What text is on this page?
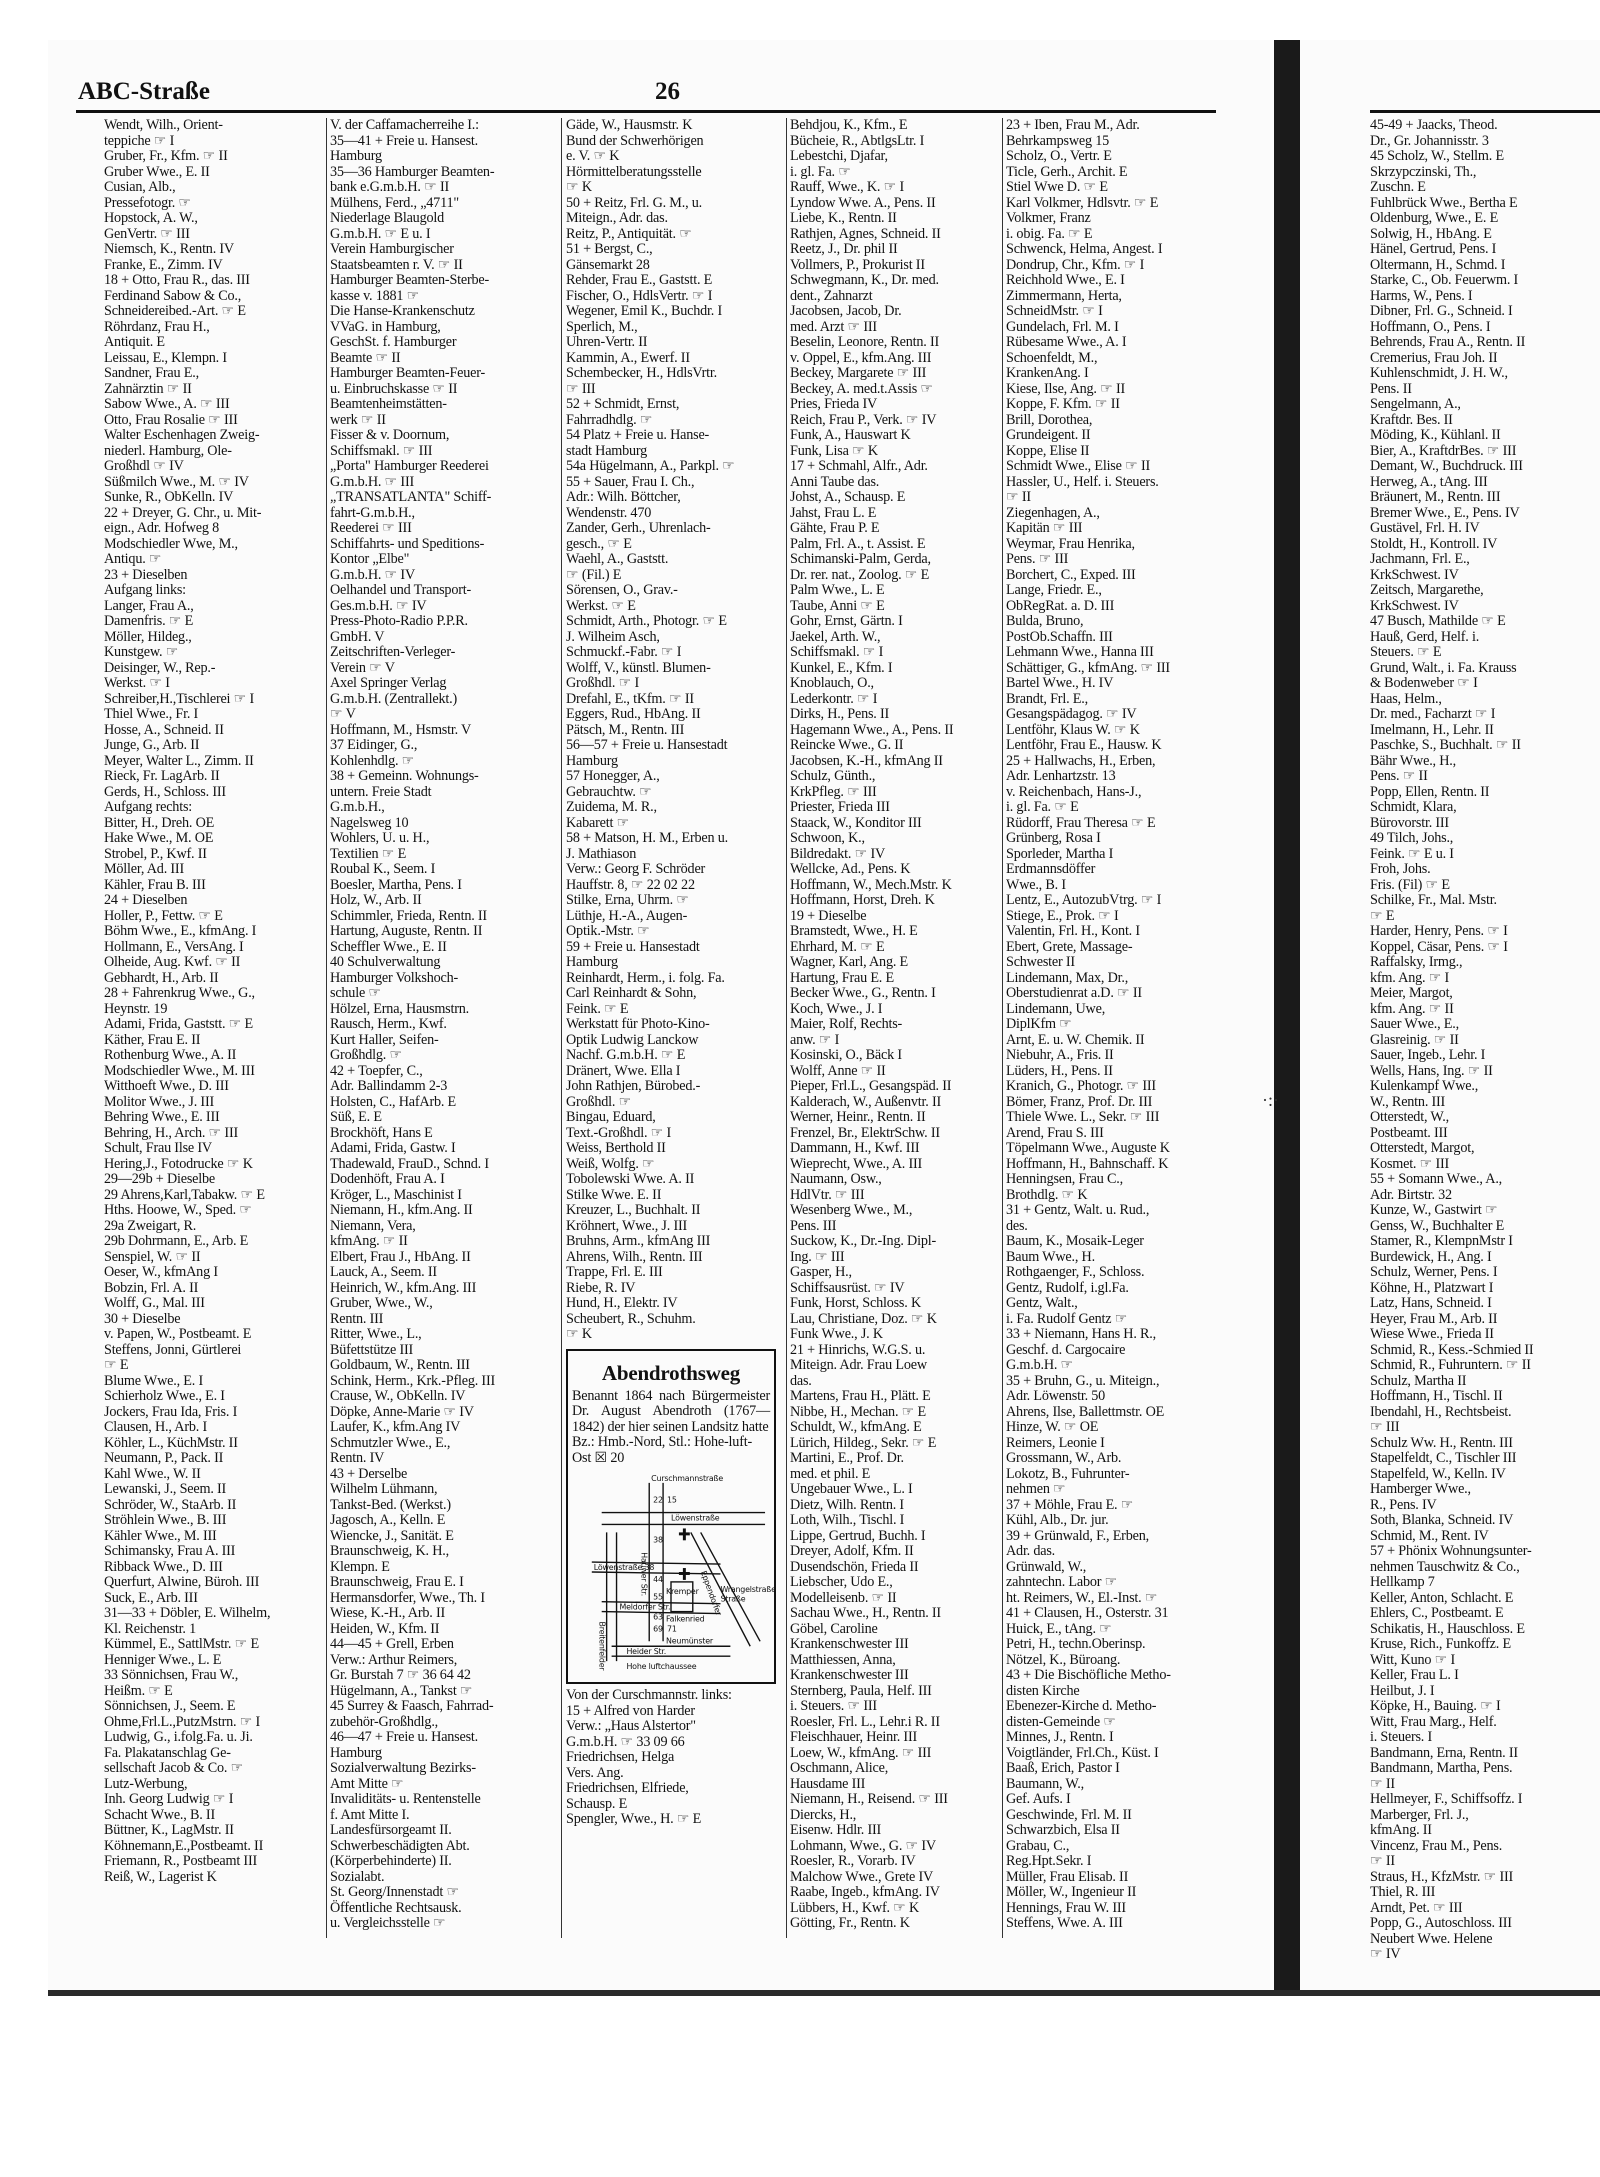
ABC-Straße	26
Wendt, Wilh., Orient-
teppiche ☞ I
Gruber, Fr., Kfm. ☞ II
Gruber Wwe., E. II
Cusian, Alb.,
Pressefotogr. ☞
Hopstock, A. W.,
GenVertr. ☞ III
Niemsch, K., Rentn. IV
Franke, E., Zimm. IV
18 + Otto, Frau R., das. III
Ferdinand Sabow & Co.,
Schneidereibed.-Art. ☞ E
Röhrdanz, Frau H.,
Antiquit. E
Leissau, E., Klempn. I
Sandner, Frau E.,
Zahnärztin ☞ II
Sabow Wwe., A. ☞ III
Otto, Frau Rosalie ☞ III
Walter Eschenhagen Zweig-
niederl. Hamburg, Ole-
Großhdl ☞ IV
Süßmilch Wwe., M. ☞ IV
Sunke, R., ObKelln. IV
22 + Dreyer, G. Chr., u. Mit-
eign., Adr. Hofweg 8
Modschiedler Wwe, M.,
Antiqu. ☞
23 + Dieselben
Aufgang links:
Langer, Frau A.,
Damenfris. ☞ E
Möller, Hildeg.,
Kunstgew. ☞
Deisinger, W., Rep.-
Werkst. ☞ I
Schreiber,H.,Tischlerei ☞ I
Thiel Wwe., Fr. I
Hosse, A., Schneid. II
Junge, G., Arb. II
Meyer, Walter L., Zimm. II
Rieck, Fr. LagArb. II
Gerds, H., Schloss. III
Aufgang rechts:
Bitter, H., Dreh. OE
Hake Wwe., M. OE
Strobel, P., Kwf. II
Möller, Ad. III
Kähler, Frau B. III
24 + Dieselben
Holler, P., Fettw. ☞ E
Böhm Wwe., E., kfmAng. I
Hollmann, E., VersAng. I
Olheide, Aug. Kwf. ☞ II
Gebhardt, H., Arb. II
28 + Fahrenkrug Wwe., G.,
Heynstr. 19
Adami, Frida, Gaststt. ☞ E
Käther, Frau E. II
Rothenburg Wwe., A. II
Modschiedler Wwe., M. III
Witthoeft Wwe., D. III
Molitor Wwe., J. III
Behring Wwe., E. III
Behring, H., Arch. ☞ III
Schult, Frau Ilse IV
Hering,J., Fotodrucke ☞ K
29—29b + Dieselbe
29 Ahrens,Karl,Tabakw. ☞ E
Hths. Hoowe, W., Sped. ☞
29a Zweigart, R.
29b Dohrmann, E., Arb. E
Senspiel, W. ☞ II
Oeser, W., kfmAng I
Bobzin, Frl. A. II
Wolff, G., Mal. III
30 + Dieselbe
v. Papen, W., Postbeamt. E
Steffens, Jonni, Gürtlerei
☞ E
Blume Wwe., E. I
Schierholz Wwe., E. I
Jockers, Frau Ida, Fris. I
Clausen, H., Arb. I
Köhler, L., KüchMstr. II
Neumann, P., Pack. II
Kahl Wwe., W. II
Lewanski, J., Seem. II
Schröder, W., StaArb. II
Ströhlein Wwe., B. III
Kähler Wwe., M. III
Schimansky, Frau A. III
Ribback Wwe., D. III
Querfurt, Alwine, Büroh. III
Suck, E., Arb. III
31—33 + Döbler, E. Wilhelm,
Kl. Reichenstr. 1
Kümmel, E., SattlMstr. ☞ E
Henniger Wwe., L. E
33 Sönnichsen, Frau W.,
Heißm. ☞ E
Sönnichsen, J., Seem. E
Ohme,Frl.L.,PutzMstrn. ☞ I
Ludwig, G., i.folg.Fa. u. Ji.
Fa. Plakatanschlag Ge-
sellschaft Jacob & Co. ☞
Lutz-Werbung,
Inh. Georg Ludwig ☞ I
Schacht Wwe., B. II
Büttner, K., LagMstr. II
Köhnemann,E.,Postbeamt. II
Friemann, R., Postbeamt III
Reiß, W., Lagerist K
V. der Caffamacherreihe I.:
35—41 + Freie u. Hansest.
Hamburg
35—36 Hamburger Beamten-
bank e.G.m.b.H. ☞ II
Mülhens, Ferd., „4711"
Niederlage Blaugold
G.m.b.H. ☞ E u. I
Verein Hamburgischer
Staatsbeamten r. V. ☞ II
Hamburger Beamten-Sterbe-
kasse v. 1881 ☞
Die Hanse-Krankenschutz
VVaG. in Hamburg,
GeschSt. f. Hamburger
Beamte ☞ II
Hamburger Beamten-Feuer-
u. Einbruchskasse ☞ II
Beamtenheimstätten-
werk ☞ II
Fisser & v. Doornum,
Schiffsmakl. ☞ III
„Porta" Hamburger Reederei
G.m.b.H. ☞ III
„TRANSATLANTA" Schiff-
fahrt-G.m.b.H.,
Reederei ☞ III
Schiffahrts- und Speditions-
Kontor „Elbe"
G.m.b.H. ☞ IV
Oelhandel und Transport-
Ges.m.b.H. ☞ IV
Press-Photo-Radio P.P.R.
GmbH. V
Zeitschriften-Verleger-
Verein ☞ V
Axel Springer Verlag
G.m.b.H. (Zentrallekt.)
☞ V
Hoffmann, M., Hsmstr. V
37 Eidinger, G.,
Kohlenhdlg. ☞
38 + Gemeinn. Wohnungs-
untern. Freie Stadt
G.m.b.H.,
Nagelsweg 10
Wohlers, U. u. H.,
Textilien ☞ E
Roubal K., Seem. I
Boesler, Martha, Pens. I
Holz, W., Arb. II
Schimmler, Frieda, Rentn. II
Hartung, Auguste, Rentn. II
Scheffler Wwe., E. II
40 Schulverwaltung
Hamburger Volkshoch-
schule ☞
Hölzel, Erna, Hausmstrn.
Rausch, Herm., Kwf.
Kurt Haller, Seifen-
Großhdlg. ☞
42 + Toepfer, C.,
Adr. Ballindamm 2-3
Holsten, C., HafArb. E
Süß, E. E
Brockhöft, Hans E
Adami, Frida, Gastw. I
Thadewald, FrauD., Schnd. I
Dodenhöft, Frau A. I
Kröger, L., Maschinist I
Niemann, H., kfm.Ang. II
Niemann, Vera,
kfmAng. ☞ II
Elbert, Frau J., HbAng. II
Lauck, A., Seem. II
Heinrich, W., kfm.Ang. III
Gruber, Wwe., W.,
Rentn. III
Ritter, Wwe., L.,
Büfettstütze III
Goldbaum, W., Rentn. III
Schink, Herm., Krk.-Pfleg. III
Crause, W., ObKelln. IV
Döpke, Anne-Marie ☞ IV
Laufer, K., kfm.Ang IV
Schmutzler Wwe., E.,
Rentn. IV
43 + Derselbe
Wilhelm Lühmann,
Tankst-Bed. (Werkst.)
Jagosch, A., Kelln. E
Wiencke, J., Sanität. E
Braunschweig, K. H.,
Klempn. E
Braunschweig, Frau E. I
Hermansdorfer, Wwe., Th. I
Wiese, K.-H., Arb. II
Heiden, W., Kfm. II
44—45 + Grell, Erben
Verw.: Arthur Reimers,
Gr. Burstah 7 ☞ 36 64 42
Hügelmann, A., Tankst ☞
45 Surrey & Faasch, Fahrrad-
zubehör-Großhdlg.,
46—47 + Freie u. Hansest.
Hamburg
Sozialverwaltung Bezirks-
Amt Mitte ☞
Invaliditäts- u. Rentenstelle
f. Amt Mitte I.
Landesfürsorgeamt II.
Schwerbeschädigten Abt.
(Körperbehinderte) II.
Sozialabt.
St. Georg/Innenstadt ☞
Öffentliche Rechtsausk.
u. Vergleichsstelle ☞
Gäde, W., Hausmstr. K
Bund der Schwerhörigen
e. V. ☞ K
Hörmittelberatungsstelle
☞ K
50 + Reitz, Frl. G. M., u.
Miteign., Adr. das.
Reitz, P., Antiquität. ☞
51 + Bergst, C.,
Gänsemarkt 28
Rehder, Frau E., Gaststt. E
Fischer, O., HdlsVertr. ☞ I
Wegener, Emil K., Buchdr. I
Sperlich, M.,
Uhren-Vertr. II
Kammin, A., Ewerf. II
Schembecker, H., HdlsVrtr.
☞ III
52 + Schmidt, Ernst,
Fahrradhdlg. ☞
54 Platz + Freie u. Hanse-
stadt Hamburg
54a Hügelmann, A., Parkpl. ☞
55 + Sauer, Frau I. Ch.,
Adr.: Wilh. Böttcher,
Wendenstr. 470
Zander, Gerh., Uhrenlach-
gesch., ☞ E
Waehl, A., Gaststt.
☞ (Fil.) E
Sörensen, O., Grav.-
Werkst. ☞ E
Schmidt, Arth., Photogr. ☞ E
J. Wilheim Asch,
Schmuckf.-Fabr. ☞ I
Wolff, V., künstl. Blumen-
Großhdl. ☞ I
Drefahl, E., tKfm. ☞ II
Eggers, Rud., HbAng. II
Pätsch, M., Rentn. III
56—57 + Freie u. Hansestadt
Hamburg
57 Honegger, A.,
Gebrauchtw. ☞
Zuidema, M. R.,
Kabarett ☞
58 + Matson, H. M., Erben u.
J. Mathiason
Verw.: Georg F. Schröder
Hauffstr. 8, ☞ 22 02 22
Stilke, Erna, Uhrm. ☞
Lüthje, H.-A., Augen-
Optik.-Mstr. ☞
59 + Freie u. Hansestadt
Hamburg
Reinhardt, Herm., i. folg. Fa.
Carl Reinhardt & Sohn,
Feink. ☞ E
Werkstatt für Photo-Kino-
Optik Ludwig Lanckow
Nachf. G.m.b.H. ☞ E
Dränert, Wwe. Ella I
John Rathjen, Bürobed.-
Großhdl. ☞
Bingau, Eduard,
Text.-Großhdl. ☞ I
Weiss, Berthold II
Weiß, Wolfg. ☞
Tobolewski Wwe. A. II
Stilke Wwe. E. II
Kreuzer, L., Buchhalt. II
Kröhnert, Wwe., J. III
Bruhns, Arm., kfmAng III
Ahrens, Wilh., Rentn. III
Trappe, Frl. E. III
Riebe, R. IV
Hund, H., Elektr. IV
Scheubert, R., Schuhm.
☞ K
Abendrothsweg
Benannt 1864 nach Bürgermeister Dr. August Abendroth (1767—1842) der hier seinen Landsitz hatte
Bz.: Hmb.-Nord, Stl.: Hohe-luft-Ost ☒ 20
Curschmannstraße
Hauwer Str.
Löwenstraße
Eppendorfer
Löwenstraße 38
Kremper
Breitenfelder
Meldorfer Str.
Falkenried
Neumünster
Hohe luftchaussee
Heider Str.
Straße
Wrangelstraße
22 15
38
44
55
63
69 71
Von der Curschmannstr. links:
15 + Alfred von Harder
Verw.: „Haus Alstertor"
G.m.b.H. ☞ 33 09 66
Friedrichsen, Helga
Vers. Ang.
Friedrichsen, Elfriede,
Schausp. E
Spengler, Wwe., H. ☞ E
Behdjou, K., Kfm., E
Bücheie, R., AbtlgsLtr. I
Lebestchi, Djafar,
i. gl. Fa. ☞
Rauff, Wwe., K. ☞ I
Lyndow Wwe. A., Pens. II
Liebe, K., Rentn. II
Rathjen, Agnes, Schneid. II
Reetz, J., Dr. phil II
Vollmers, P., Prokurist II
Schwegmann, K., Dr. med.
dent., Zahnarzt
Jacobsen, Jacob, Dr.
med. Arzt ☞ III
Beselin, Leonore, Rentn. II
v. Oppel, E., kfm.Ang. III
Beckey, Margarete ☞ III
Beckey, A. med.t.Assis ☞
Pries, Frieda IV
Reich, Frau P., Verk. ☞ IV
Funk, A., Hauswart K
Funk, Lisa ☞ K
17 + Schmahl, Alfr., Adr.
Anni Taube das.
Johst, A., Schausp. E
Jahst, Frau L. E
Gähte, Frau P. E
Palm, Frl. A., t. Assist. E
Schimanski-Palm, Gerda,
Dr. rer. nat., Zoolog. ☞ E
Palm Wwe., L. E
Taube, Anni ☞ E
Gohr, Ernst, Gärtn. I
Jaekel, Arth. W.,
Schiffsmakl. ☞ I
Kunkel, E., Kfm. I
Knoblauch, O.,
Lederkontr. ☞ I
Dirks, H., Pens. II
Hagemann Wwe., A., Pens. II
Reincke Wwe., G. II
Jacobsen, K.-H., kfmAng II
Schulz, Günth.,
KrkPfleg. ☞ III
Priester, Frieda III
Staack, W., Konditor III
Schwoon, K.,
Bildredakt. ☞ IV
Wellcke, Ad., Pens. K
Hoffmann, W., Mech.Mstr. K
Hoffmann, Horst, Dreh. K
19 + Dieselbe
Bramstedt, Wwe., H. E
Ehrhard, M. ☞ E
Wagner, Karl, Ang. E
Hartung, Frau E. E
Becker Wwe., G., Rentn. I
Koch, Wwe., J. I
Maier, Rolf, Rechts-
anw. ☞ I
Kosinski, O., Bäck I
Wolff, Anne ☞ II
Pieper, Frl.L., Gesangspäd. II
Kalderach, W., Außenvtr. II
Werner, Heinr., Rentn. II
Frenzel, Br., ElektrSchw. II
Dammann, H., Kwf. III
Wieprecht, Wwe., A. III
Naumann, Osw.,
HdlVtr. ☞ III
Wesenberg Wwe., M.,
Pens. III
Suckow, K., Dr.-Ing. Dipl-
Ing. ☞ III
Gasper, H.,
Schiffsausrüst. ☞ IV
Funk, Horst, Schloss. K
Lau, Christiane, Doz. ☞ K
Funk Wwe., J. K
21 + Hinrichs, W.G.S. u.
Miteign. Adr. Frau Loew
das.
Martens, Frau H., Plätt. E
Nibbe, H., Mechan. ☞ E
Schuldt, W., kfmAng. E
Lürich, Hildeg., Sekr. ☞ E
Martini, E., Prof. Dr.
med. et phil. E
Ungebauer Wwe., L. I
Dietz, Wilh. Rentn. I
Loth, Wilh., Tischl. I
Lippe, Gertrud, Buchh. I
Dreyer, Adolf, Kfm. II
Dusendschön, Frieda II
Liebscher, Udo E.,
Modelleisenb. ☞ II
Sachau Wwe., H., Rentn. II
Göbel, Caroline
Krankenschwester III
Matthiessen, Anna,
Krankenschwester III
Sternberg, Paula, Helf. III
i. Steuers. ☞ III
Roesler, Frl. L., Lehr.i R. II
Fleischhauer, Heinr. III
Loew, W., kfmAng. ☞ III
Oschmann, Alice,
Hausdame III
Niemann, H., Reisend. ☞ III
Diercks, H.,
Eisenw. Hdlr. III
Lohmann, Wwe., G. ☞ IV
Roesler, R., Vorarb. IV
Malchow Wwe., Grete IV
Raabe, Ingeb., kfmAng. IV
Lübbers, H., Kwf. ☞ K
Götting, Fr., Rentn. K
23 + Iben, Frau M., Adr.
Behrkampsweg 15
Scholz, O., Vertr. E
Ticle, Gerh., Archit. E
Stiel Wwe D. ☞ E
Karl Volkmer, Hdlsvtr. ☞ E
Volkmer, Franz
i. obig. Fa. ☞ E
Schwenck, Helma, Angest. I
Dondrup, Chr., Kfm. ☞ I
Reichhold Wwe., E. I
Zimmermann, Herta,
SchneidMstr. ☞ I
Gundelach, Frl. M. I
Rübesame Wwe., A. I
Schoenfeldt, M.,
KrankenAng. I
Kiese, Ilse, Ang. ☞ II
Koppe, F. Kfm. ☞ II
Brill, Dorothea,
Grundeigent. II
Koppe, Elise II
Schmidt Wwe., Elise ☞ II
Hassler, U., Helf. i. Steuers.
☞ II
Ziegenhagen, A.,
Kapitän ☞ III
Weymar, Frau Henrika,
Pens. ☞ III
Borchert, C., Exped. III
Lange, Friedr. E.,
ObRegRat. a. D. III
Bulda, Bruno,
PostOb.Schaffn. III
Lehmann Wwe., Hanna III
Schättiger, G., kfmAng. ☞ III
Bartel Wwe., H. IV
Brandt, Frl. E.,
Gesangspädagog. ☞ IV
Lentföhr, Klaus W. ☞ K
Lentföhr, Frau E., Hausw. K
25 + Hallwachs, H., Erben,
Adr. Lenhartzstr. 13
v. Reichenbach, Hans-J.,
i. gl. Fa. ☞ E
Rüdorff, Frau Theresa ☞ E
Grünberg, Rosa I
Sporleder, Martha I
Erdmannsdöffer
Wwe., B. I
Lentz, E., AutozubVtrg. ☞ I
Stiege, E., Prok. ☞ I
Valentin, Frl. H., Kont. I
Ebert, Grete, Massage-
Schwester II
Lindemann, Max, Dr.,
Oberstudienrat a.D. ☞ II
Lindemann, Uwe,
DiplKfm ☞
Arnt, E. u. W. Chemik. II
Niebuhr, A., Fris. II
Lüders, H., Pens. II
Kranich, G., Photogr. ☞ III
Bömer, Franz, Prof. Dr. III
Thiele Wwe. L., Sekr. ☞ III
Arend, Frau S. III
Töpelmann Wwe., Auguste K
Hoffmann, H., Bahnschaff. K
Henningsen, Frau C.,
Brothdlg. ☞ K
31 + Gentz, Walt. u. Rud.,
des.
Baum, K., Mosaik-Leger
Baum Wwe., H.
Rothgaenger, F., Schloss.
Gentz, Rudolf, i.gl.Fa.
Gentz, Walt.,
i. Fa. Rudolf Gentz ☞
33 + Niemann, Hans H. R.,
Geschf. d. Cargocaire
G.m.b.H. ☞
35 + Bruhn, G., u. Miteign.,
Adr. Löwenstr. 50
Ahrens, Ilse, Ballettmstr. OE
Hinze, W. ☞ OE
Reimers, Leonie I
Grossmann, W., Arb.
Lokotz, B., Fuhrunter-
nehmen ☞
37 + Möhle, Frau E. ☞
Kühl, Alb., Dr. jur.
39 + Grünwald, F., Erben,
Adr. das.
Grünwald, W.,
zahntechn. Labor ☞
ht. Reimers, W., El.-Inst. ☞
41 + Clausen, H., Osterstr. 31
Huick, E., tAng. ☞
Petri, H., techn.Oberinsp.
Nötzel, K., Büroang.
43 + Die Bischöfliche Metho-
disten Kirche
Ebenezer-Kirche d. Metho-
disten-Gemeinde ☞
Minnes, J., Rentn. I
Voigtländer, Frl.Ch., Küst. I
Baaß, Erich, Pastor I
Baumann, W.,
Gef. Aufs. I
Geschwinde, Frl. M. II
Schwarzbich, Elsa II
Grabau, C.,
Reg.Hpt.Sekr. I
Müller, Frau Elisab. II
Möller, W., Ingenieur II
Hennings, Frau W. III
Steffens, Wwe. A. III
45-49 + Jaacks, Theod.
Dr., Gr. Johannisstr. 3
45 Scholz, W., Stellm. E
Skrzypczinski, Th.,
Zuschn. E
Fuhlbrück Wwe., Bertha E
Oldenburg, Wwe., E. E
Solwig, H., HbAng. E
Hänel, Gertrud, Pens. I
Oltermann, H., Schmd. I
Starke, C., Ob. Feuerwm. I
Harms, W., Pens. I
Dibner, Frl. G., Schneid. I
Hoffmann, O., Pens. I
Behrends, Frau A., Rentn. II
Cremerius, Frau Joh. II
Kuhlenschmidt, J. H. W.,
Pens. II
Sengelmann, A.,
Kraftdr. Bes. II
Möding, K., Kühlanl. II
Bier, A., KraftdrBes. ☞ III
Demant, W., Buchdruck. III
Herweg, A., tAng. III
Bräunert, M., Rentn. III
Bremer Wwe., E., Pens. IV
Gustävel, Frl. H. IV
Stoldt, H., Kontroll. IV
Jachmann, Frl. E.,
KrkSchwest. IV
Zeitsch, Margarethe,
KrkSchwest. IV
47 Busch, Mathilde ☞ E
Hauß, Gerd, Helf. i.
Steuers. ☞ E
Grund, Walt., i. Fa. Krauss
& Bodenweber ☞ I
Haas, Helm.,
Dr. med., Facharzt ☞ I
Imelmann, H., Lehr. II
Paschke, S., Buchhalt. ☞ II
Bähr Wwe., H.,
Pens. ☞ II
Popp, Ellen, Rentn. II
Schmidt, Klara,
Bürovorstr. III
49 Tilch, Johs.,
Feink. ☞ E u. I
Froh, Johs.
Fris. (Fil) ☞ E
Schilke, Fr., Mal. Mstr.
☞ E
Harder, Henry, Pens. ☞ I
Koppel, Cäsar, Pens. ☞ I
Raffalsky, Irmg.,
kfm. Ang. ☞ I
Meier, Margot,
kfm. Ang. ☞ II
Sauer Wwe., E.,
Glasreinig. ☞ II
Sauer, Ingeb., Lehr. I
Wells, Hans, Ing. ☞ II
Kulenkampf Wwe.,
W., Rentn. III
Otterstedt, W.,
Postbeamt. III
Otterstedt, Margot,
Kosmet. ☞ III
55 + Somann Wwe., A.,
Adr. Birtstr. 32
Kunze, W., Gastwirt ☞
Genss, W., Buchhalter E
Stamer, R., KlempnMstr I
Burdewick, H., Ang. I
Schulz, Werner, Pens. I
Köhne, H., Platzwart I
Latz, Hans, Schneid. I
Heyer, Frau M., Arb. II
Wiese Wwe., Frieda II
Schmid, R., Kess.-Schmied II
Schmid, R., Fuhruntern. ☞ II
Schulz, Martha II
Hoffmann, H., Tischl. II
Ibendahl, H., Rechtsbeist.
☞ III
Schulz Ww. H., Rentn. III
Stapelfeldt, C., Tischler III
Stapelfeld, W., Kelln. IV
Hamberger Wwe.,
R., Pens. IV
Soth, Blanka, Schneid. IV
Schmid, M., Rent. IV
57 + Phönix Wohnungsunter-
nehmen Tauschwitz & Co.,
Hellkamp 7
Keller, Anton, Schlacht. E
Ehlers, C., Postbeamt. E
Schikatis, H., Hauschloss. E
Kruse, Rich., Funkoffz. E
Witt, Kuno ☞ I
Keller, Frau L. I
Heilbut, J. I
Köpke, H., Bauing. ☞ I
Witt, Frau Marg., Helf.
i. Steuers. I
Bandmann, Erna, Rentn. II
Bandmann, Martha, Pens.
☞ II
Hellmeyer, F., Schiffsoffz. I
Marberger, Frl. J.,
kfmAng. II
Vincenz, Frau M., Pens.
☞ II
Straus, H., KfzMstr. ☞ III
Thiel, R. III
Arndt, Pet. ☞ III
Popp, G., Autoschloss. III
Neubert Wwe. Helene
☞ IV
·:·
